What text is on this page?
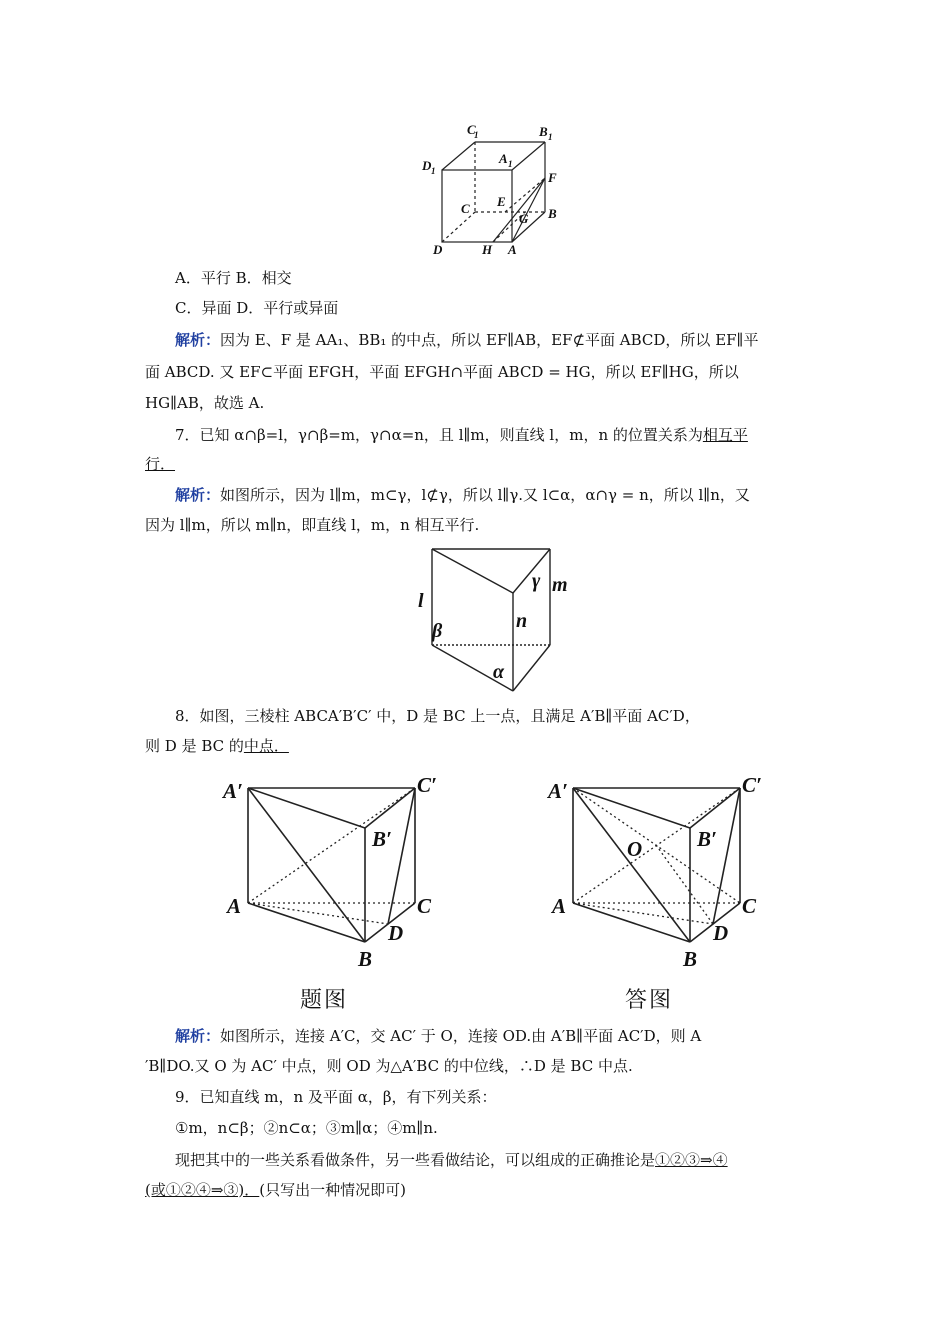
C
1	B 1
D 1
A 1
F
C E
B
G
D	H A
A．平行 B．相交
C．异面 D．平行或异面
解析：因为 E、F 是 AA₁、BB₁ 的中点，所以 EF∥AB，EF⊄平面 ABCD，所以 EF∥平
面 ABCD. 又 EF⊂平面 EFGH，平面 EFGH∩平面 ABCD = HG，所以 EF∥HG，所以
HG∥AB，故选 A.
7．已知 α∩β=l，γ∩β=m，γ∩α=n，且 l∥m，则直线 l，m，n 的位置关系为相互平
行．
解析：如图所示，因为 l∥m，m⊂γ，l⊄γ，所以 l∥γ.又 l⊂α，α∩γ = n，所以 l∥n，又
因为 l∥m，所以 m∥n，即直线 l，m，n 相互平行.
γ m
l
β	n
α
8．如图，三棱柱 ABCA′B′C′ 中，D 是 BC 上一点，且满足 A′B∥平面 AC′D，
则 D 是 BC 的中点．
A′	C′
B′
A	C
D
B
题图
A′	C′
B′
O
A	C
D
B
答图
解析：如图所示，连接 A′C，交 AC′ 于 O，连接 OD.由 A′B∥平面 AC′D，则 A
′B∥DO.又 O 为 AC′ 中点，则 OD 为△A′BC 的中位线，∴D 是 BC 中点.
9．已知直线 m，n 及平面 α，β，有下列关系：
①m，n⊂β；②n⊂α；③m∥α；④m∥n.
现把其中的一些关系看做条件，另一些看做结论，可以组成的正确推论是①②③⇒④
(或①②④⇒③)．(只写出一种情况即可)
